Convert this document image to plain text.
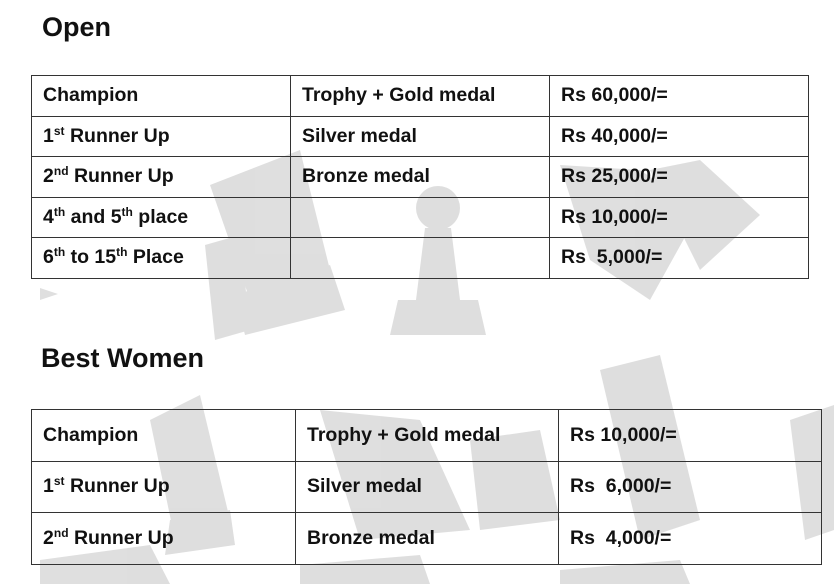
Open
Champion	Trophy + Gold medal	Rs 60,000/=
1st Runner Up	Silver medal	Rs 40,000/=
2nd Runner Up	Bronze medal	Rs 25,000/=
4th and 5th place		Rs 10,000/=
6th to 15th Place		Rs  5,000/=
Best Women
Champion	Trophy + Gold medal	Rs 10,000/=
1st Runner Up	Silver medal	Rs  6,000/=
2nd Runner Up	Bronze medal	Rs  4,000/=
